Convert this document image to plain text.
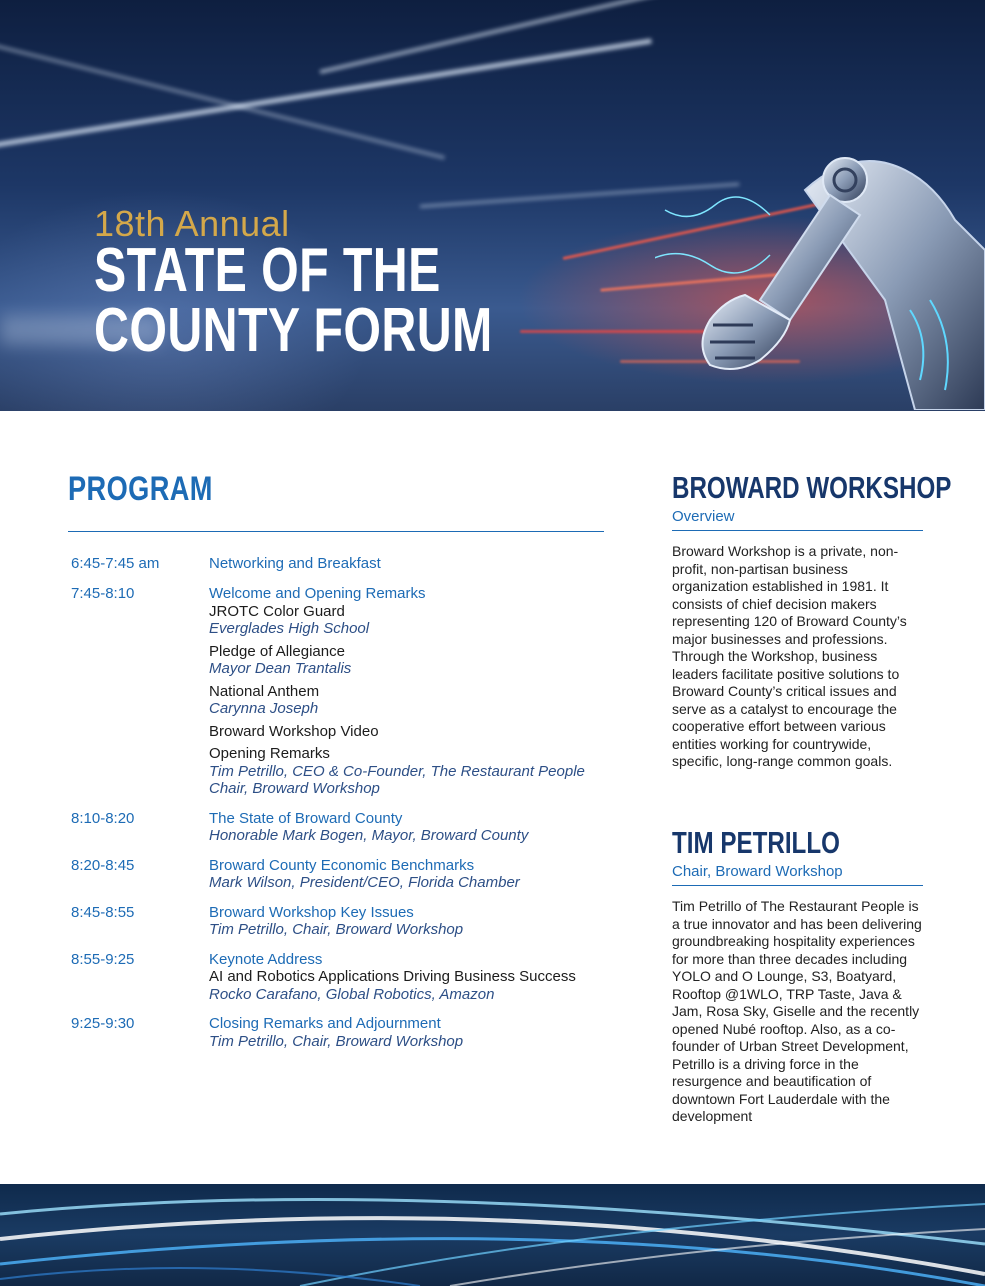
18th Annual
STATE OF THE
COUNTY FORUM
PROGRAM
6:45-7:45 am	Networking and Breakfast
7:45-8:10	Welcome and Opening Remarks
JROTC Color Guard
Everglades High School
Pledge of Allegiance
Mayor Dean Trantalis
National Anthem
Carynna Joseph
Broward Workshop Video
Opening Remarks
Tim Petrillo, CEO & Co-Founder, The Restaurant People
Chair, Broward Workshop
8:10-8:20	The State of Broward County
Honorable Mark Bogen, Mayor, Broward County
8:20-8:45	Broward County Economic Benchmarks
Mark Wilson, President/CEO, Florida Chamber
8:45-8:55	Broward Workshop Key Issues
Tim Petrillo, Chair, Broward Workshop
8:55-9:25	Keynote Address
AI and Robotics Applications Driving Business Success
Rocko Carafano, Global Robotics, Amazon
9:25-9:30	Closing Remarks and Adjournment
Tim Petrillo, Chair, Broward Workshop
BROWARD WORKSHOP
Overview
Broward Workshop is a private, non-profit, non-partisan business organization established in 1981. It consists of chief decision makers representing 120 of Broward County’s major businesses and professions. Through the Workshop, business leaders facilitate positive solutions to Broward County’s critical issues and serve as a catalyst to encourage the cooperative effort between various entities working for countrywide, specific, long-range common goals.
TIM PETRILLO
Chair, Broward Workshop
Tim Petrillo of The Restaurant People is a true innovator and has been delivering groundbreaking hospitality experiences for more than three decades including YOLO and O Lounge, S3, Boatyard, Rooftop @1WLO, TRP Taste, Java & Jam, Rosa Sky, Giselle and the recently opened Nubé rooftop. Also, as a co-founder of Urban Street Development, Petrillo is a driving force in the resurgence and beautification of downtown Fort Lauderdale with the development
